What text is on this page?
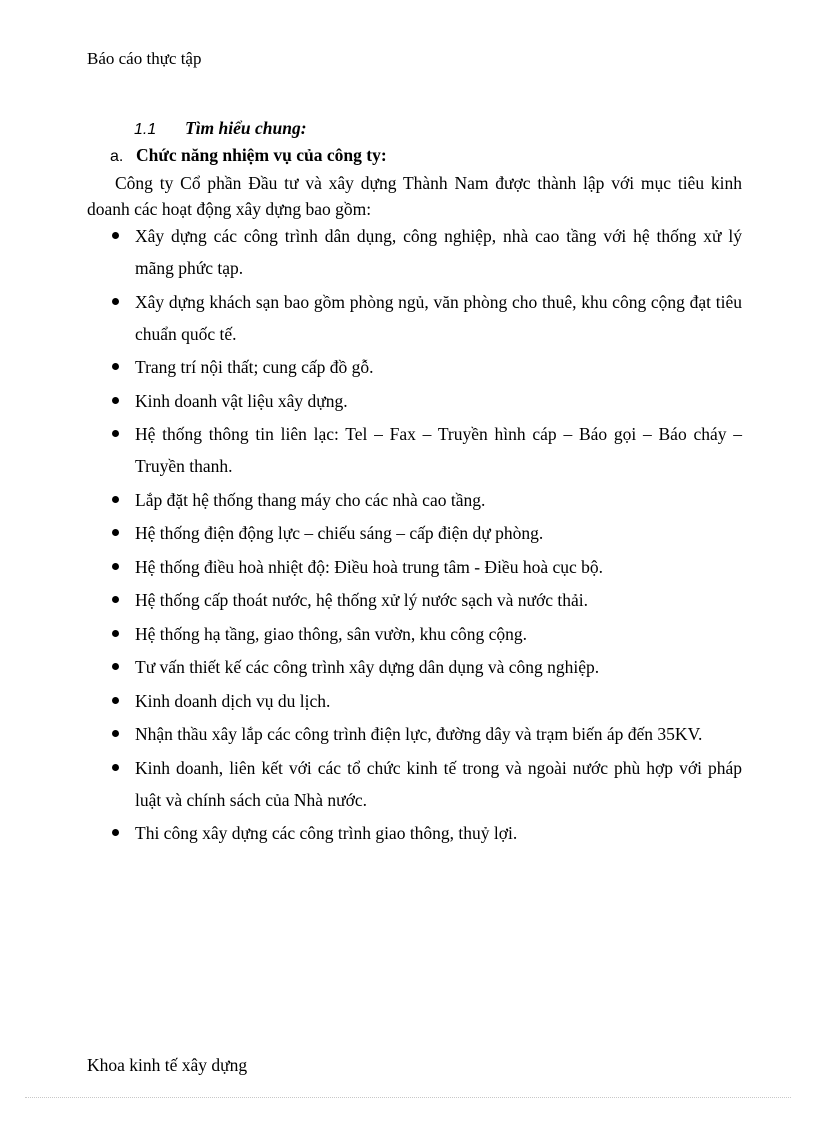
Báo cáo thực tập
1.1	Tìm hiểu chung:
a. Chức năng nhiệm vụ của công ty:
Công ty Cổ phần Đầu tư và xây dựng Thành Nam được thành lập với mục tiêu kinh doanh các hoạt động xây dựng bao gồm:
Xây dựng các công trình dân dụng, công nghiệp, nhà cao tầng với hệ thống xử lý mãng phức tạp.
Xây dựng khách sạn bao gồm phòng ngủ, văn phòng cho thuê, khu công cộng đạt tiêu chuẩn quốc tế.
Trang trí nội thất; cung cấp đồ gỗ.
Kinh doanh vật liệu xây dựng.
Hệ thống thông tin liên lạc: Tel – Fax – Truyền hình cáp – Báo gọi – Báo cháy – Truyền thanh.
Lắp đặt hệ thống thang máy cho các nhà cao tầng.
Hệ thống điện động lực – chiếu sáng – cấp điện dự phòng.
Hệ thống điều hoà nhiệt độ: Điều hoà trung tâm - Điều hoà cục bộ.
Hệ thống cấp thoát nước, hệ thống xử lý nước sạch và nước thải.
Hệ thống hạ tầng, giao thông, sân vườn, khu công cộng.
Tư vấn thiết kế các công trình xây dựng dân dụng và công nghiệp.
Kinh doanh dịch vụ du lịch.
Nhận thầu xây lắp các công trình điện lực, đường dây và trạm biến áp đến 35KV.
Kinh doanh, liên kết với các tổ chức kinh tế trong và ngoài nước phù hợp với pháp luật và chính sách của Nhà nước.
Thi công xây dựng các công trình giao thông, thuỷ lợi.
Khoa kinh tế xây dựng
